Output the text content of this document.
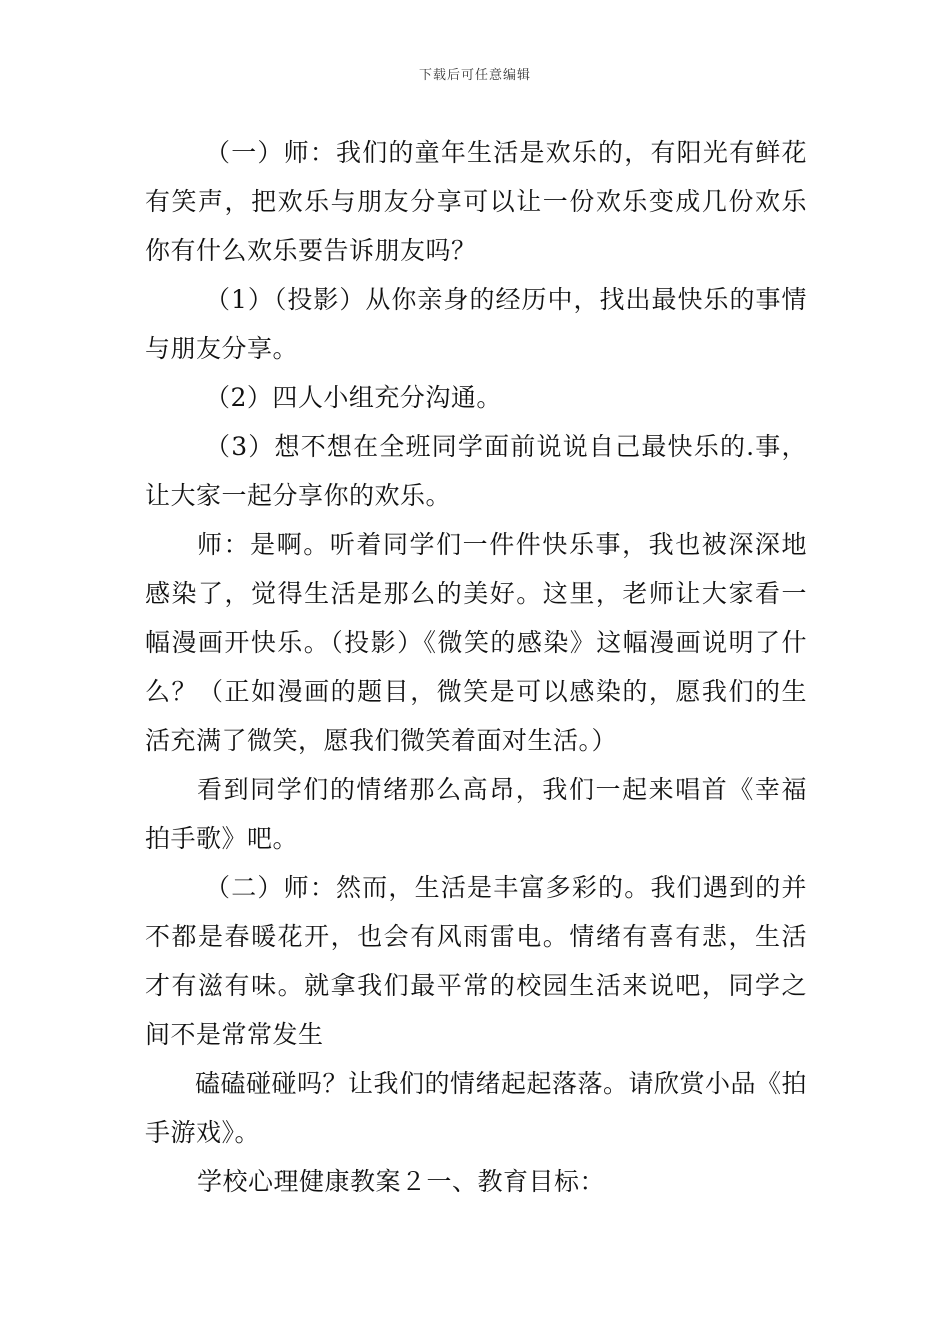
下载后可任意编辑

（一）师：我们的童年生活是欢乐的，有阳光有鲜花有笑声，把欢乐与朋友分享可以让一份欢乐变成几份欢乐你有什么欢乐要告诉朋友吗？

（1）（投影）从你亲身的经历中，找出最快乐的事情与朋友分享。

（2）四人小组充分沟通。

（3）想不想在全班同学面前说说自己最快乐的.事，让大家一起分享你的欢乐。

师：是啊。听着同学们一件件快乐事，我也被深深地感染了，觉得生活是那么的美好。这里，老师让大家看一幅漫画开快乐。（投影）《微笑的感染》这幅漫画说明了什么？（正如漫画的题目，微笑是可以感染的，愿我们的生活充满了微笑，愿我们微笑着面对生活。）

看到同学们的情绪那么高昂，我们一起来唱首《幸福拍手歌》吧。

（二）师：然而，生活是丰富多彩的。我们遇到的并不都是春暖花开，也会有风雨雷电。情绪有喜有悲，生活才有滋有味。就拿我们最平常的校园生活来说吧，同学之间不是常常发生

磕磕碰碰吗？让我们的情绪起起落落。请欣赏小品《拍手游戏》。

学校心理健康教案２一、教育目标：
